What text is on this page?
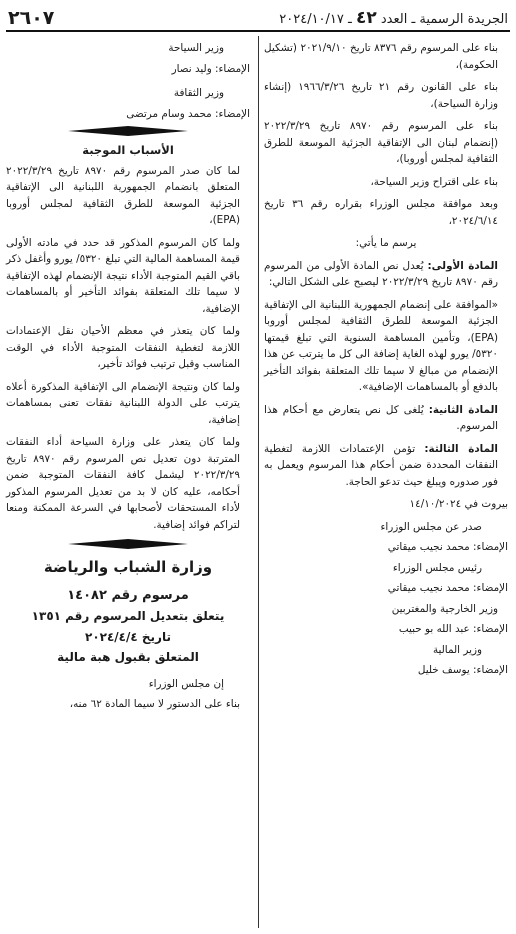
الجريدة الرسمية ـ العدد ٤٢ ـ ٢٠٢٤/١٠/١٧
٢٦٠٧

بناء على المرسوم رقم ٨٣٧٦ تاريخ ٢٠٢١/٩/١٠ (تشكيل الحكومة)،

بناء على القانون رقم ٢١ تاريخ ١٩٦٦/٣/٢٦ (إنشاء وزارة السياحة)،

بناء على المرسوم رقم ٨٩٧٠ تاريخ ٢٠٢٢/٣/٢٩ (إنضمام لبنان الى الإتفاقية الجزئية الموسعة للطرق الثقافية لمجلس أوروبا)،

بناء على اقتراح وزير السياحة،

وبعد موافقة مجلس الوزراء بقراره رقم ٣٦ تاريخ ٢٠٢٤/٦/١٤،

يرسم ما يأتي:

المادة الأولى: يُعدل نص المادة الأولى من المرسوم رقم ٨٩٧٠ تاريخ ٢٠٢٢/٣/٢٩ ليصبح على الشكل التالي:

«الموافقة على إنضمام الجمهورية اللبنانية الى الإتفاقية الجزئية الموسعة للطرق الثقافية لمجلس أوروبا (EPA)، وتأمين المساهمة السنوية التي تبلغ قيمتها ٥٣٢٠/ يورو لهذه الغاية إضافة الى كل ما يترتب عن هذا الإنضمام من مبالغ لا سيما تلك المتعلقة بفوائد التأخير بالدفع أو بالمساهمات الإضافية».

المادة الثانية: يُلغى كل نص يتعارض مع أحكام هذا المرسوم.

المادة الثالثة: تؤمن الإعتمادات اللازمة لتغطية النفقات المحددة ضمن أحكام هذا المرسوم ويعمل به فور صدوره ويبلغ حيث تدعو الحاجة.

بيروت في ١٤/١٠/٢٠٢٤

صدر عن مجلس الوزراء

الإمضاء: محمد نجيب ميقاتي

رئيس مجلس الوزراء

الإمضاء: محمد نجيب ميقاتي

وزير الخارجية والمغتربين

الإمضاء: عبد الله بو حبيب

وزير المالية

الإمضاء: يوسف خليل

وزير السياحة

الإمضاء: وليد نصار

وزير الثقافة

الإمضاء: محمد وسام مرتضى

الأسباب الموجبة

لما كان صدر المرسوم رقم ٨٩٧٠ تاريخ ٢٠٢٢/٣/٢٩ المتعلق بانضمام الجمهورية اللبنانية الى الإتفاقية الجزئية الموسعة للطرق الثقافية لمجلس أوروبا (EPA)،

ولما كان المرسوم المذكور قد حدد في مادته الأولى قيمة المساهمة المالية التي تبلغ ٥٣٢٠/ يورو وأغفل ذكر باقي القيم المتوجبة الأداء نتيجة الإنضمام لهذه الإتفاقية لا سيما تلك المتعلقة بفوائد التأخير أو بالمساهمات الإضافية،

ولما كان يتعذر في معظم الأحيان نقل الإعتمادات اللازمة لتغطية النفقات المتوجبة الأداء في الوقت المناسب وقبل ترتيب فوائد تأخير،

ولما كان ونتيجة الإنضمام الى الإتفاقية المذكورة أعلاه يترتب على الدولة اللبنانية نفقات تعنى بمساهمات إضافية،

ولما كان يتعذر على وزارة السياحة أداء النفقات المترتبة دون تعديل نص المرسوم رقم ٨٩٧٠ تاريخ ٢٠٢٢/٣/٢٩ ليشمل كافة النفقات المتوجبة ضمن أحكامه، عليه كان لا بد من تعديل المرسوم المذكور لأداء المستحقات لأصحابها في السرعة الممكنة ومنعا لتراكم فوائد إضافية.

وزارة الشباب والرياضة
مرسوم رقم ١٤٠٨٢
يتعلق بتعديل المرسوم رقم ١٣٥١
تاريخ ٢٠٢٤/٤/٤
المتعلق بقبول هبة مالية

إن مجلس الوزراء

بناء على الدستور لا سيما المادة ٦٢ منه،
